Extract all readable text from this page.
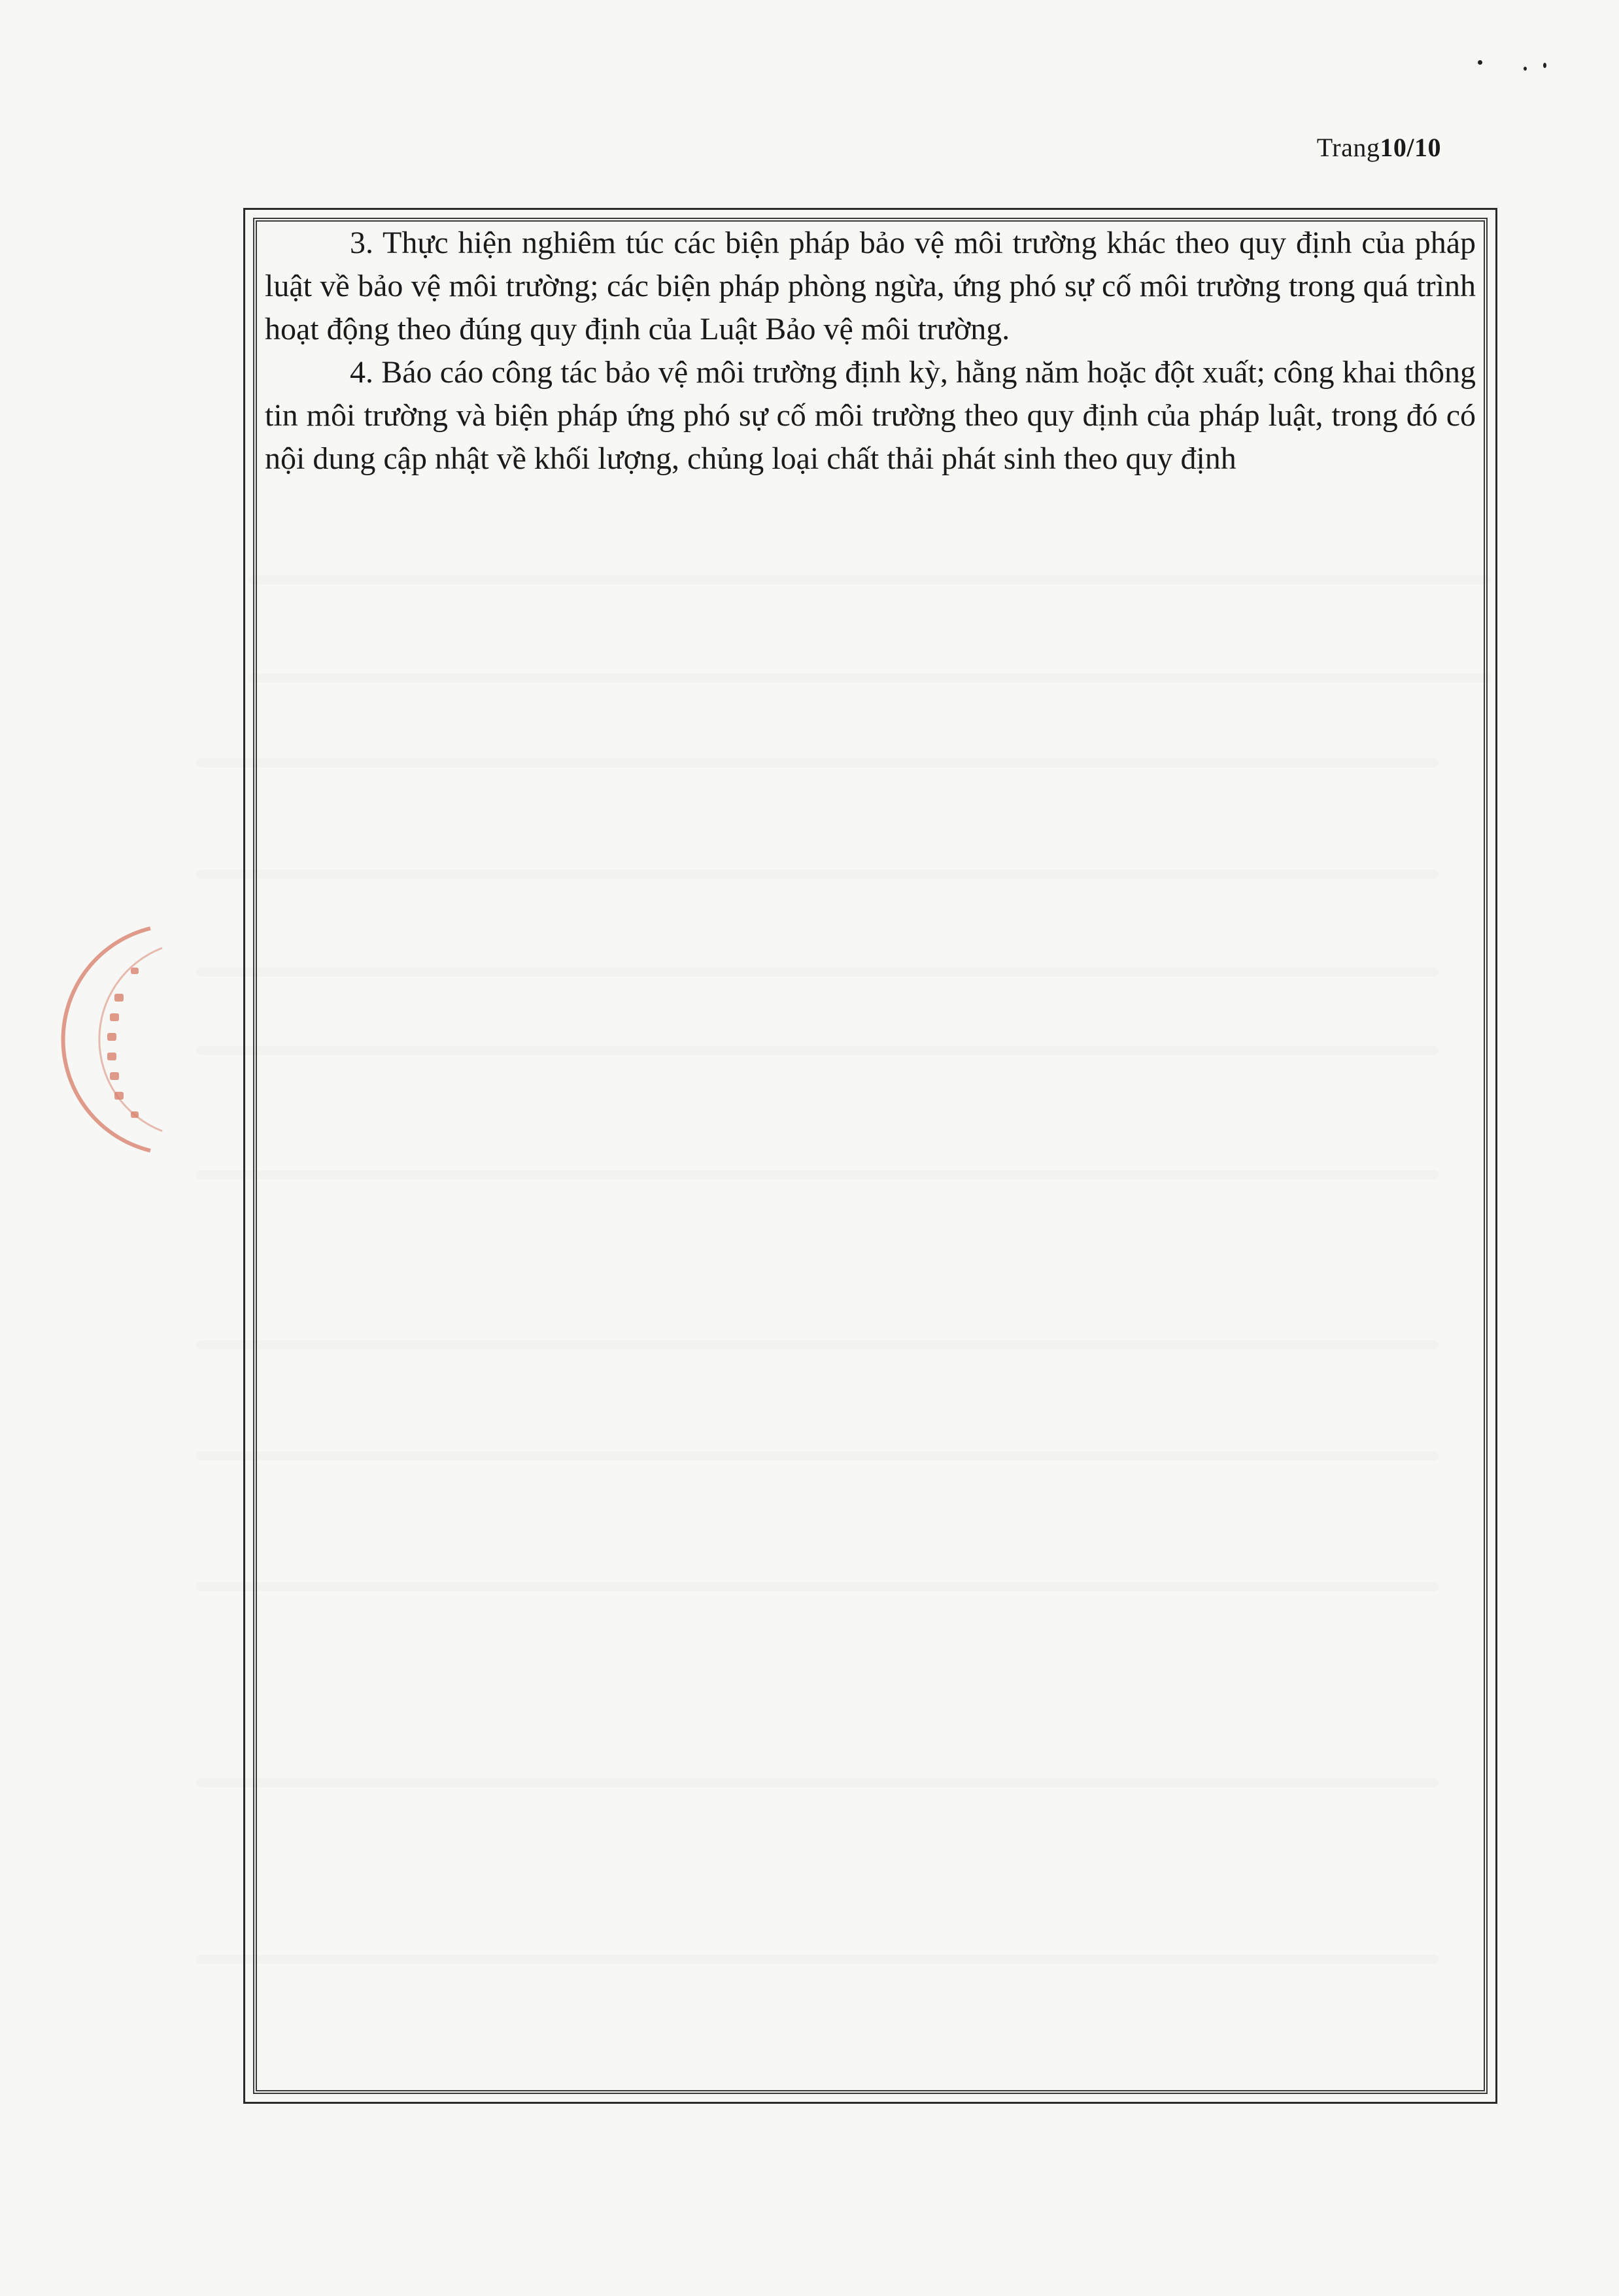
Trang10/10

3. Thực hiện nghiêm túc các biện pháp bảo vệ môi trường khác theo quy định của pháp luật về bảo vệ môi trường; các biện pháp phòng ngừa, ứng phó sự cố môi trường trong quá trình hoạt động theo đúng quy định của Luật Bảo vệ môi trường.

4. Báo cáo công tác bảo vệ môi trường định kỳ, hằng năm hoặc đột xuất; công khai thông tin môi trường và biện pháp ứng phó sự cố môi trường theo quy định của pháp luật, trong đó có nội dung cập nhật về khối lượng, chủng loại chất thải phát sinh theo quy định
